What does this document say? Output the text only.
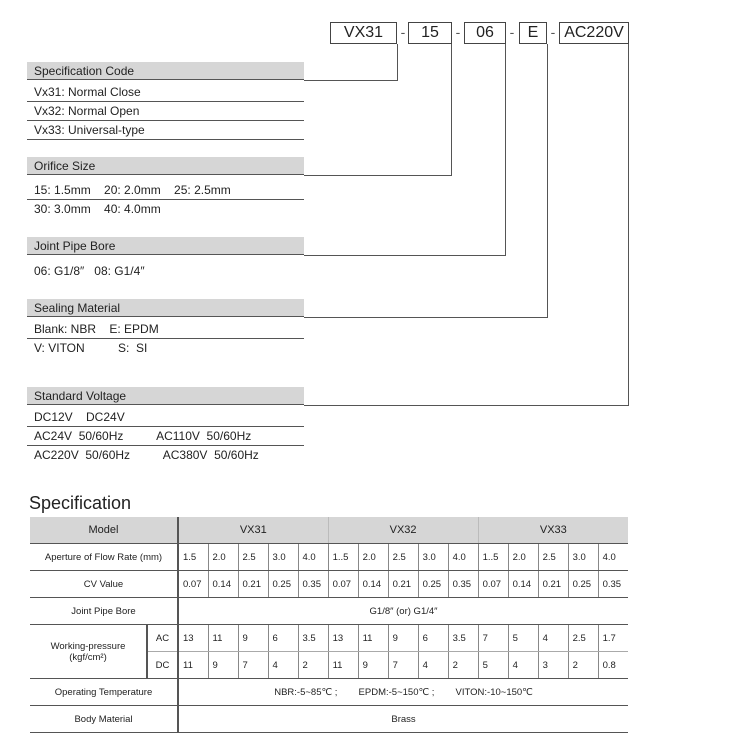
VX31	- 15	- 06	- E - AC220V
Specification Code
Vx31: Normal Close
Vx32: Normal Open
Vx33: Universal-type
Orifice Size
15: 1.5mm    20: 2.0mm    25: 2.5mm
30: 3.0mm    40: 4.0mm
Joint Pipe Bore
06: G1/8″   08: G1/4″
Sealing Material
Blank: NBR    E: EPDM
V: VITON          S:  SI
Standard Voltage
DC12V    DC24V
AC24V  50/60Hz          AC110V  50/60Hz
AC220V  50/60Hz          AC380V  50/60Hz
Specification
Model		VX31					VX32					VX33				
Aperture of Flow Rate (mm)		1.5	2.0	2.5	3.0	4.0	1..5	2.0	2.5	3.0	4.0	1..5	2.0	2.5	3.0	4.0
CV Value		0.07	0.14	0.21	0.25	0.35	0.07	0.14	0.21	0.25	0.35	0.07	0.14	0.21	0.25	0.35
Joint Pipe Bore		G1/8″ (or) G1/4″														
Working-pressure
(kgf/cm²)	AC	13	11	9	6	3.5	13	11	9	6	3.5	7	5	4	2.5	1.7
	DC	11	9	7	4	2	11	9	7	4	2	5	4	3	2	0.8
Operating Temperature		NBR:-5~85℃ ;        EPDM:-5~150℃ ;        VITON:-10~150℃														
Body Material		Brass														
